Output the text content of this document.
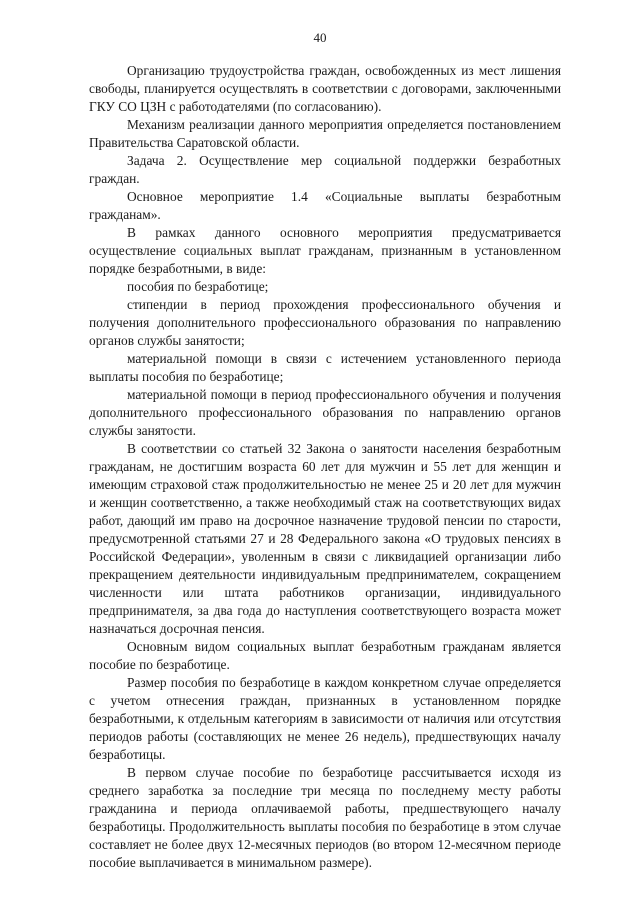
40

Организацию трудоустройства граждан, освобожденных из мест лишения свободы, планируется осуществлять в соответствии с договорами, заключенными ГКУ СО ЦЗН с работодателями (по согласованию).

Механизм реализации данного мероприятия определяется постановлением Правительства Саратовской области.

Задача 2. Осуществление мер социальной поддержки безработных граждан.

Основное мероприятие 1.4 «Социальные выплаты безработным гражданам».

В рамках данного основного мероприятия предусматривается осуществление социальных выплат гражданам, признанным в установленном порядке безработными, в виде:

пособия по безработице;

стипендии в период прохождения профессионального обучения и получения дополнительного профессионального образования по направлению органов службы занятости;

материальной помощи в связи с истечением установленного периода выплаты пособия по безработице;

материальной помощи в период профессионального обучения и получения дополнительного профессионального образования по направлению органов службы занятости.

В соответствии со статьей 32 Закона о занятости населения безработным гражданам, не достигшим возраста 60 лет для мужчин и 55 лет для женщин и имеющим страховой стаж продолжительностью не менее 25 и 20 лет для мужчин и женщин соответственно, а также необходимый стаж на соответствующих видах работ, дающий им право на досрочное назначение трудовой пенсии по старости, предусмотренной статьями 27 и 28 Федерального закона «О трудовых пенсиях в Российской Федерации», уволенным в связи с ликвидацией организации либо прекращением деятельности индивидуальным предпринимателем, сокращением численности или штата работников организации, индивидуального предпринимателя, за два года до наступления соответствующего возраста может назначаться досрочная пенсия.

Основным видом социальных выплат безработным гражданам является пособие по безработице.

Размер пособия по безработице в каждом конкретном случае определяется с учетом отнесения граждан, признанных в установленном порядке безработными, к отдельным категориям в зависимости от наличия или отсутствия периодов работы (составляющих не менее 26 недель), предшествующих началу безработицы.

В первом случае пособие по безработице рассчитывается исходя из среднего заработка за последние три месяца по последнему месту работы гражданина и периода оплачиваемой работы, предшествующего началу безработицы. Продолжительность выплаты пособия по безработице в этом случае составляет не более двух 12-месячных периодов (во втором 12-месячном периоде пособие выплачивается в минимальном размере).
